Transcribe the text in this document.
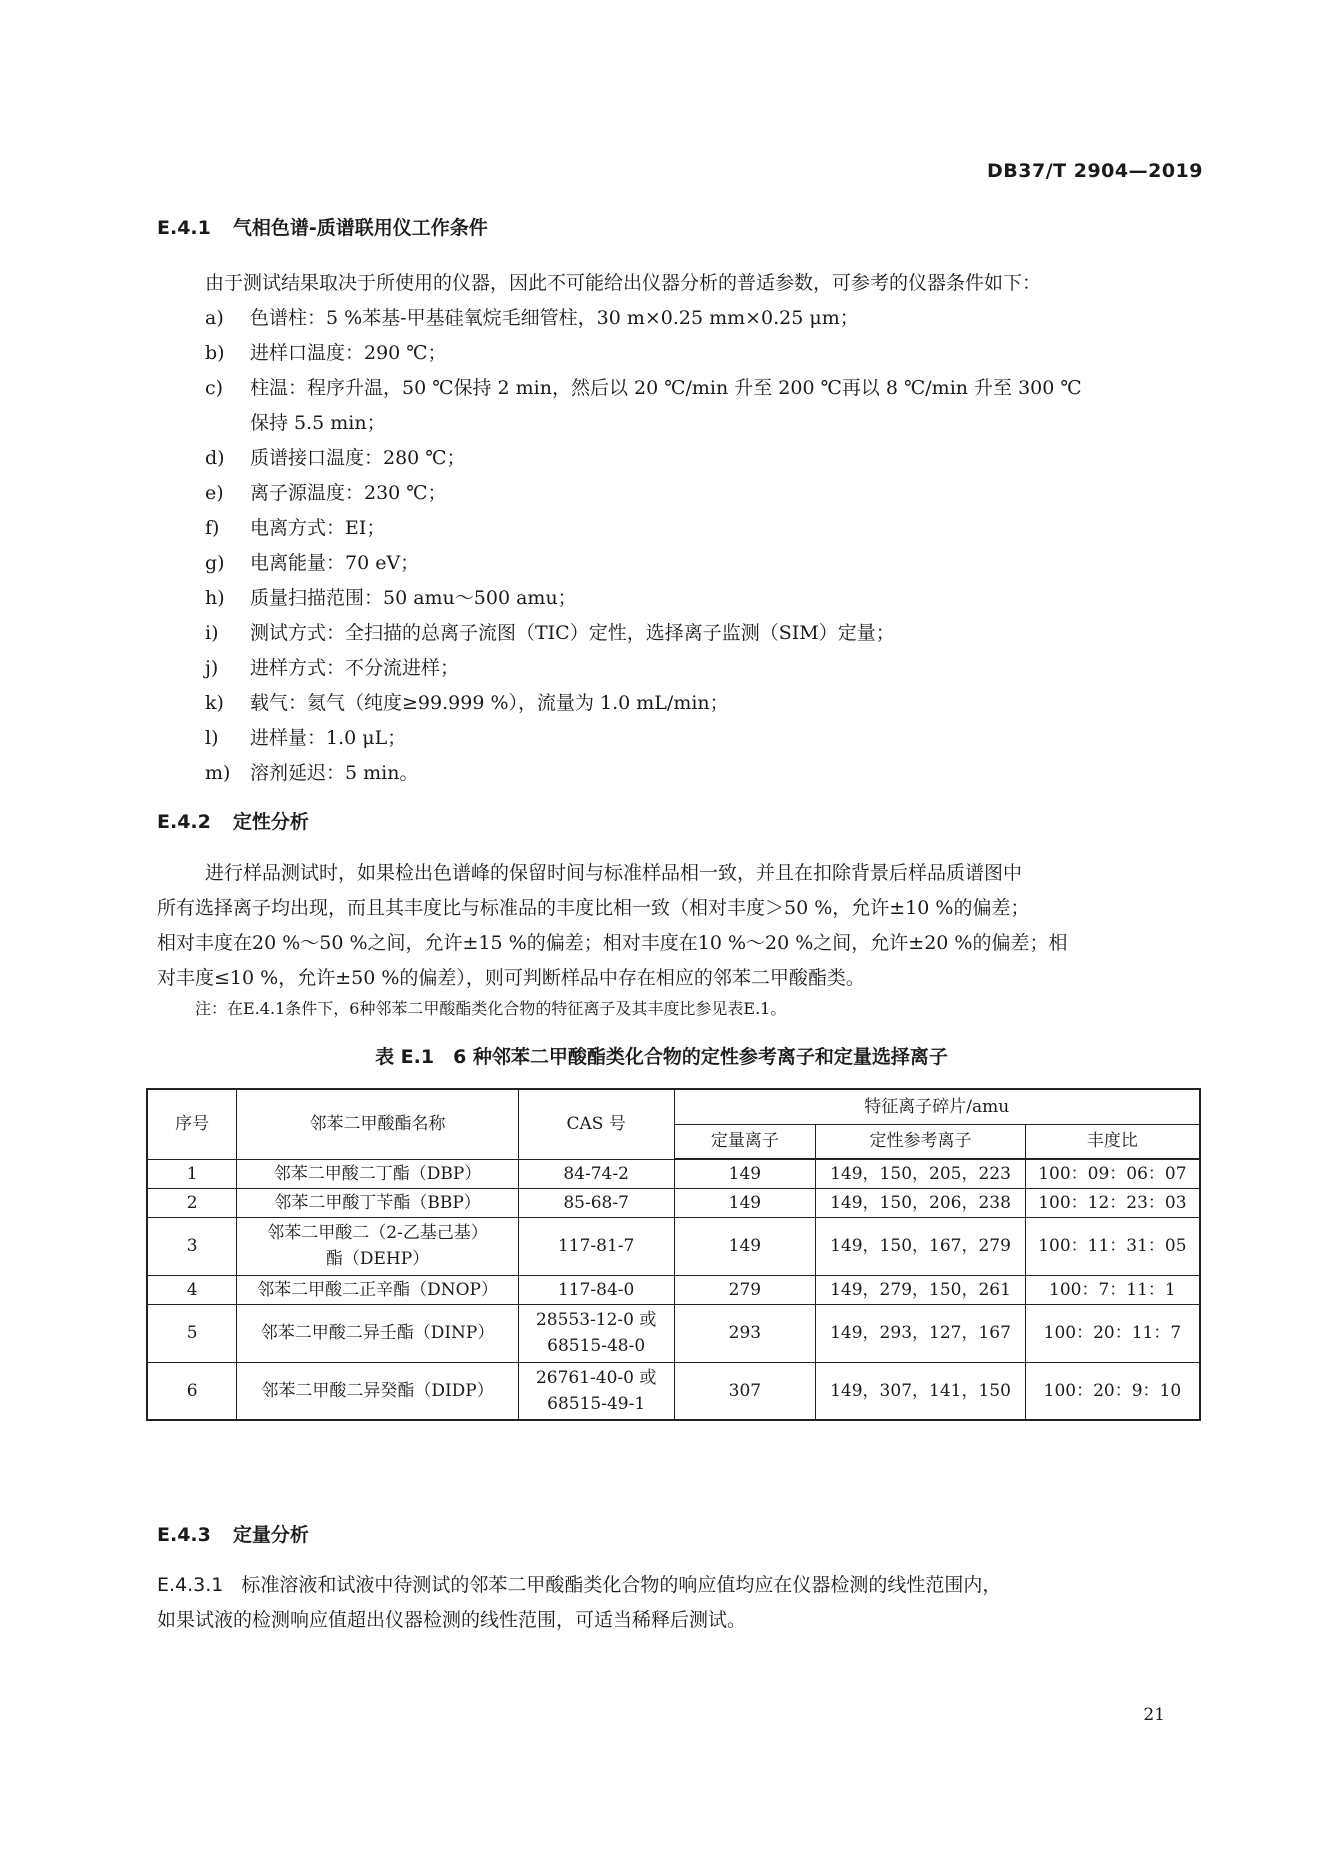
DB37/T 2904—2019
E.4.1 气相色谱-质谱联用仪工作条件
由于测试结果取决于所使用的仪器，因此不可能给出仪器分析的普适参数，可参考的仪器条件如下：
a) 色谱柱：5 %苯基-甲基硅氧烷毛细管柱，30 m×0.25 mm×0.25 μm；
b) 进样口温度：290 ℃；
c) 柱温：程序升温，50 ℃保持 2 min，然后以 20 ℃/min 升至 200 ℃再以 8 ℃/min 升至 300 ℃
保持 5.5 min；
d) 质谱接口温度：280 ℃；
e) 离子源温度：230 ℃；
f) 电离方式：EI；
g) 电离能量：70 eV；
h) 质量扫描范围：50 amu～500 amu；
i) 测试方式：全扫描的总离子流图（TIC）定性，选择离子监测（SIM）定量；
j) 进样方式：不分流进样；
k) 载气：氦气（纯度≥99.999 %），流量为 1.0 mL/min；
l) 进样量：1.0 μL；
m) 溶剂延迟：5 min。
E.4.2 定性分析
进行样品测试时，如果检出色谱峰的保留时间与标准样品相一致，并且在扣除背景后样品质谱图中
所有选择离子均出现，而且其丰度比与标准品的丰度比相一致（相对丰度＞50 %，允许±10 %的偏差；
相对丰度在20 %～50 %之间，允许±15 %的偏差；相对丰度在10 %～20 %之间，允许±20 %的偏差；相
对丰度≤10 %，允许±50 %的偏差），则可判断样品中存在相应的邻苯二甲酸酯类。
注：在E.4.1条件下，6种邻苯二甲酸酯类化合物的特征离子及其丰度比参见表E.1。
表 E.1　6 种邻苯二甲酸酯类化合物的定性参考离子和定量选择离子
序号	邻苯二甲酸酯名称	CAS 号	特征离子碎片/amu		
			定量离子	定性参考离子	丰度比
1	邻苯二甲酸二丁酯（DBP）	84-74-2	149	149，150，205，223	100：09：06：07
2	邻苯二甲酸丁苄酯（BBP）	85-68-7	149	149，150，206，238	100：12：23：03
3	邻苯二甲酸二（2-乙基己基）
酯（DEHP）	117-81-7	149	149，150，167，279	100：11：31：05
4	邻苯二甲酸二正辛酯（DNOP）	117-84-0	279	149，279，150，261	100：7：11：1
5	邻苯二甲酸二异壬酯（DINP）	28553-12-0 或
68515-48-0	293	149，293，127，167	100：20：11：7
6	邻苯二甲酸二异癸酯（DIDP）	26761-40-0 或
68515-49-1	307	149，307，141，150	100：20：9：10
E.4.3 定量分析
E.4.3.1 标准溶液和试液中待测试的邻苯二甲酸酯类化合物的响应值均应在仪器检测的线性范围内，
如果试液的检测响应值超出仪器检测的线性范围，可适当稀释后测试。
21
